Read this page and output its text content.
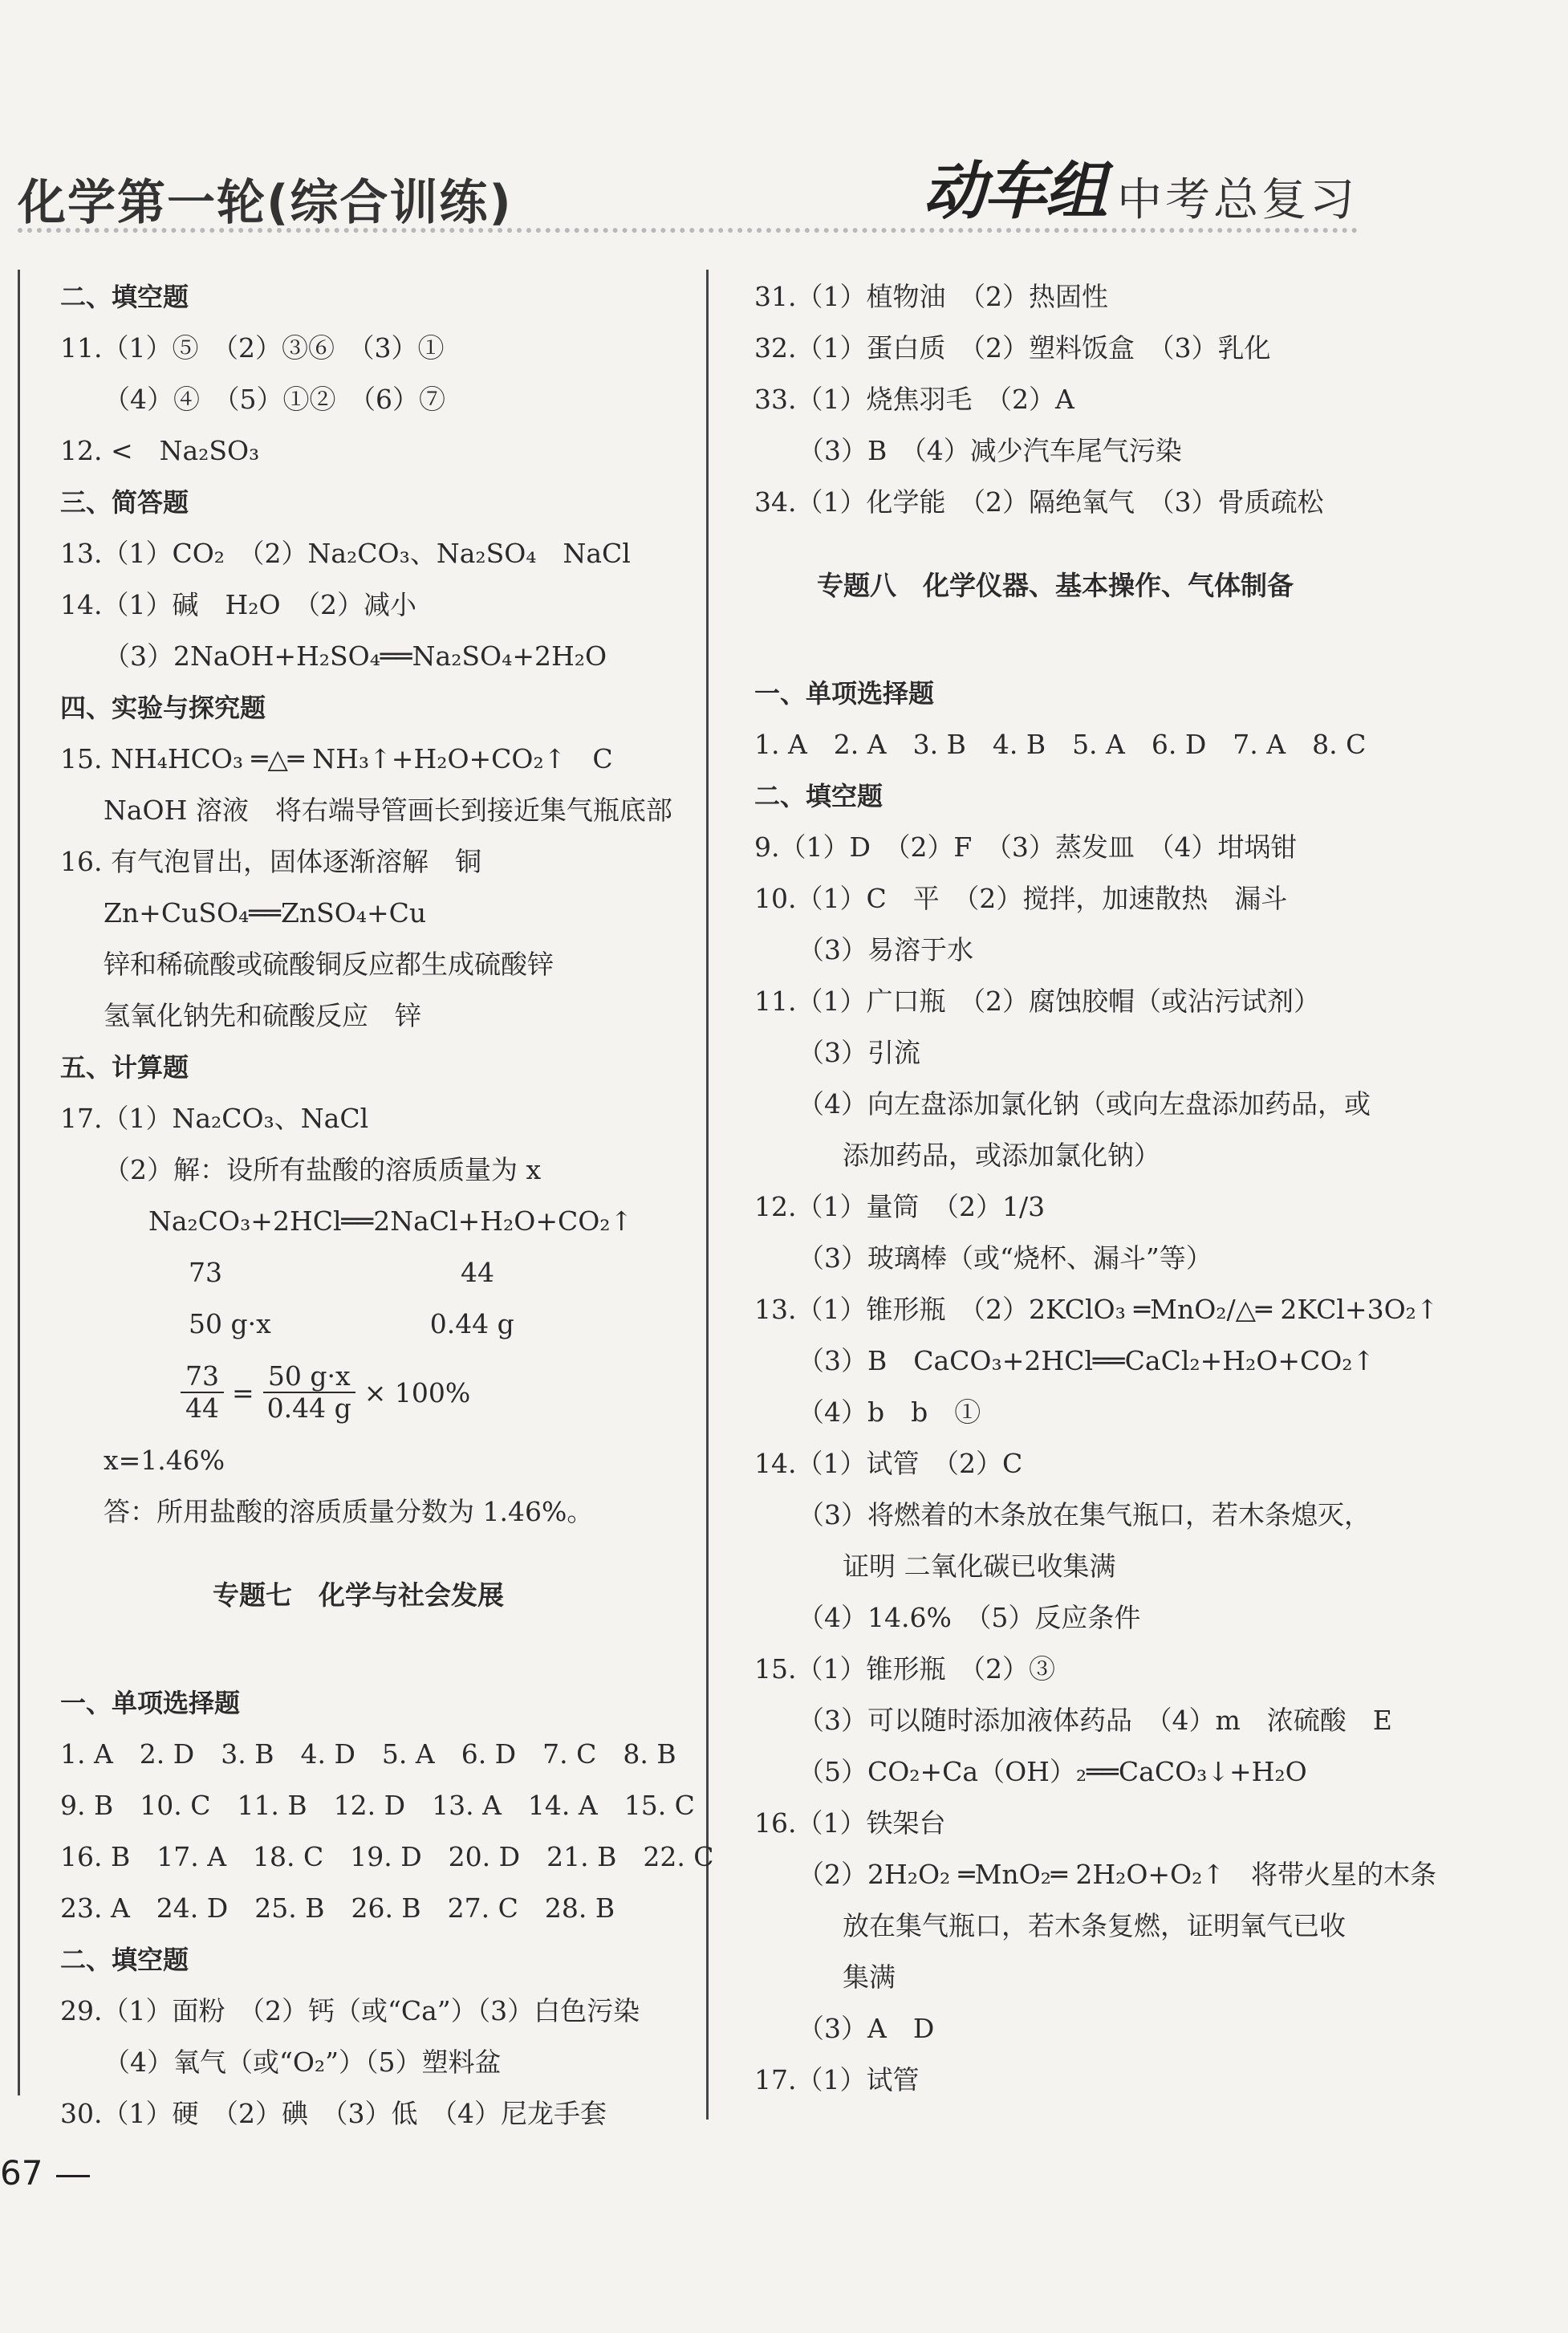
化学第一轮(综合训练)	动车组 中考总复习
二、填空题
11.（1）⑤　（2）③⑥　（3）①
（4）④　（5）①②　（6）⑦
12. <　Na₂SO₃
三、简答题
13.（1）CO₂　（2）Na₂CO₃、Na₂SO₄　NaCl
14.（1）碱　H₂O　（2）减小
（3）2NaOH+H₂SO₄══Na₂SO₄+2H₂O
四、实验与探究题
15. NH₄HCO₃ ═△═ NH₃↑+H₂O+CO₂↑　C
NaOH 溶液　将右端导管画长到接近集气瓶底部
16. 有气泡冒出，固体逐渐溶解　铜
Zn+CuSO₄══ZnSO₄+Cu
锌和稀硫酸或硫酸铜反应都生成硫酸锌
氢氧化钠先和硫酸反应　锌
五、计算题
17.（1）Na₂CO₃、NaCl
（2）解：设所有盐酸的溶质质量为 x
Na₂CO₃+2HCl══2NaCl+H₂O+CO₂↑
73　　　　　　　　　44
50 g·x　　　　　　0.44 g
$\frac{73}{44} = \frac{50 g\cdot x}{0.44 g} \times 100\%$
x=1.46%
答：所用盐酸的溶质质量分数为 1.46%。
专题七　化学与社会发展
一、单项选择题
1. A　2. D　3. B　4. D　5. A　6. D　7. C　8. B
9. B　10. C　11. B　12. D　13. A　14. A　15. C
16. B　17. A　18. C　19. D　20. D　21. B　22. C
23. A　24. D　25. B　26. B　27. C　28. B
二、填空题
29.（1）面粉　（2）钙（或“Ca”）（3）白色污染
（4）氧气（或“O₂”）（5）塑料盆
30.（1）硬　（2）碘　（3）低　（4）尼龙手套
31.（1）植物油　（2）热固性
32.（1）蛋白质　（2）塑料饭盒　（3）乳化
33.（1）烧焦羽毛　（2）A
（3）B　（4）减少汽车尾气污染
34.（1）化学能　（2）隔绝氧气　（3）骨质疏松
专题八　化学仪器、基本操作、气体制备
一、单项选择题
1. A　2. A　3. B　4. B　5. A　6. D　7. A　8. C
二、填空题
9.（1）D　（2）F　（3）蒸发皿　（4）坩埚钳
10.（1）C　平　（2）搅拌，加速散热　漏斗
（3）易溶于水
11.（1）广口瓶　（2）腐蚀胶帽（或沾污试剂）
（3）引流
（4）向左盘添加氯化钠（或向左盘添加药品，或
添加药品，或添加氯化钠）
12.（1）量筒　（2）1/3
（3）玻璃棒（或“烧杯、漏斗”等）
13.（1）锥形瓶　（2）2KClO₃ ═MnO₂/△═ 2KCl+3O₂↑
（3）B　CaCO₃+2HCl══CaCl₂+H₂O+CO₂↑
（4）b　b　①
14.（1）试管　（2）C
（3）将燃着的木条放在集气瓶口，若木条熄灭，
证明 二氧化碳已收集满
（4）14.6%　（5）反应条件
15.（1）锥形瓶　（2）③
（3）可以随时添加液体药品　（4）m　浓硫酸　E
（5）CO₂+Ca（OH）₂══CaCO₃↓+H₂O
16.（1）铁架台
（2）2H₂O₂ ═MnO₂═ 2H₂O+O₂↑　将带火星的木条
放在集气瓶口，若木条复燃，证明氧气已收
集满
（3）A　D
17.（1）试管
67
